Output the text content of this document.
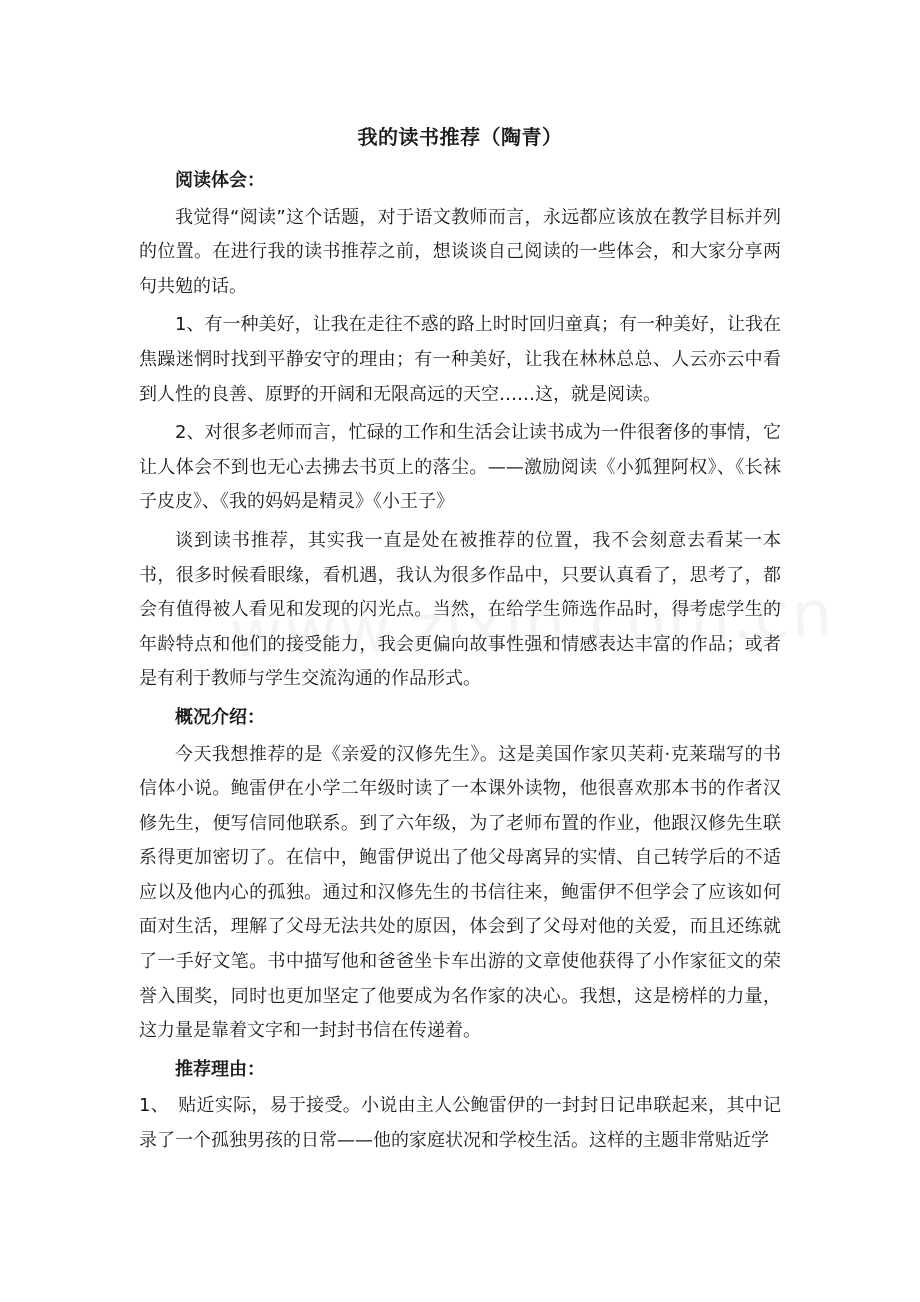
我的读书推荐（陶青）

阅读体会：

我觉得“阅读”这个话题，对于语文教师而言，永远都应该放在教学目标并列的位置。在进行我的读书推荐之前，想谈谈自己阅读的一些体会，和大家分享两句共勉的话。

1、有一种美好，让我在走往不惑的路上时时回归童真；有一种美好，让我在焦躁迷惘时找到平静安守的理由；有一种美好，让我在林林总总、人云亦云中看到人性的良善、原野的开阔和无限高远的天空……这，就是阅读。

2、对很多老师而言，忙碌的工作和生活会让读书成为一件很奢侈的事情，它让人体会不到也无心去拂去书页上的落尘。——激励阅读《小狐狸阿权》、《长袜子皮皮》、《我的妈妈是精灵》《小王子》

谈到读书推荐，其实我一直是处在被推荐的位置，我不会刻意去看某一本书，很多时候看眼缘，看机遇，我认为很多作品中，只要认真看了，思考了，都会有值得被人看见和发现的闪光点。当然，在给学生筛选作品时，得考虑学生的年龄特点和他们的接受能力，我会更偏向故事性强和情感表达丰富的作品；或者是有利于教师与学生交流沟通的作品形式。

概况介绍：

今天我想推荐的是《亲爱的汉修先生》。这是美国作家贝芙莉·克莱瑞写的书信体小说。鲍雷伊在小学二年级时读了一本课外读物，他很喜欢那本书的作者汉修先生，便写信同他联系。到了六年级，为了老师布置的作业，他跟汉修先生联系得更加密切了。在信中，鲍雷伊说出了他父母离异的实情、自己转学后的不适应以及他内心的孤独。通过和汉修先生的书信往来，鲍雷伊不但学会了应该如何面对生活，理解了父母无法共处的原因，体会到了父母对他的关爱，而且还练就了一手好文笔。书中描写他和爸爸坐卡车出游的文章使他获得了小作家征文的荣誉入围奖，同时也更加坚定了他要成为名作家的决心。我想，这是榜样的力量，这力量是靠着文字和一封封书信在传递着。

推荐理由：

1、　贴近实际，易于接受。小说由主人公鲍雷伊的一封封日记串联起来，其中记录了一个孤独男孩的日常——他的家庭状况和学校生活。这样的主题非常贴近学
